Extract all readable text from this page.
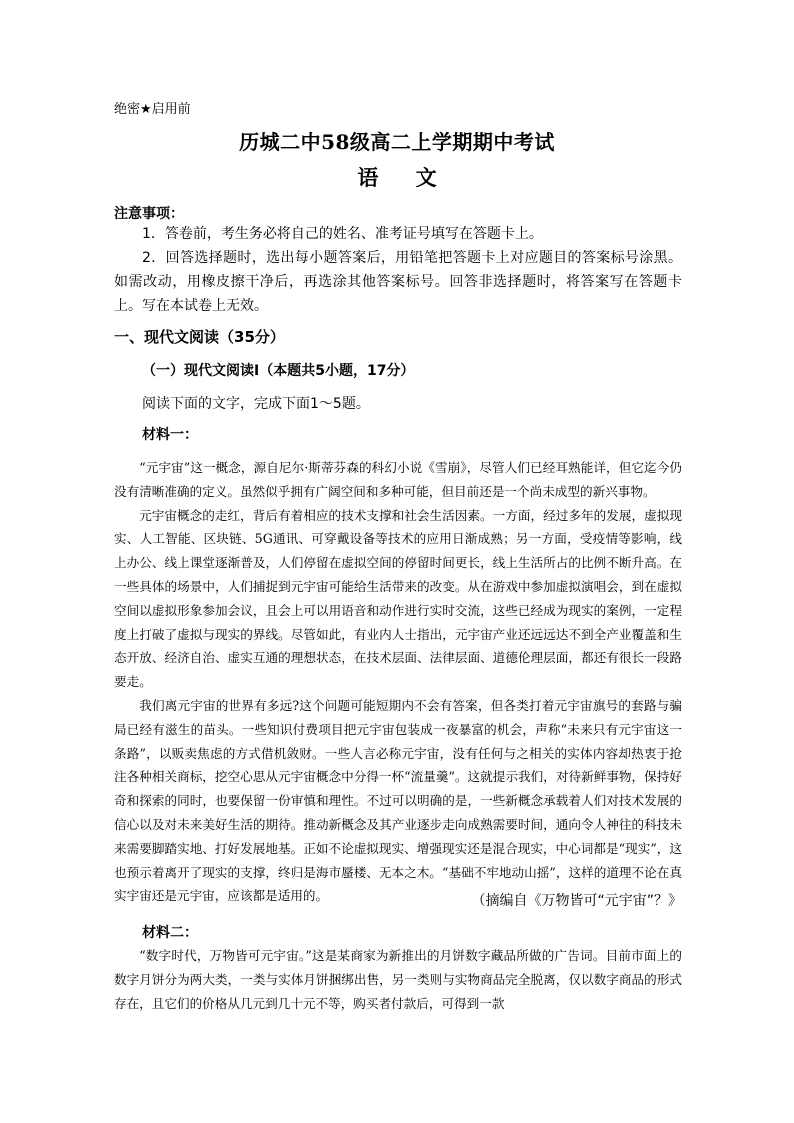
绝密★启用前
历城二中58级高二上学期期中考试
语 文
注意事项：
1．答卷前，考生务必将自己的姓名、准考证号填写在答题卡上。
2．回答选择题时，选出每小题答案后，用铅笔把答题卡上对应题目的答案标号涂黑。如需改动，用橡皮擦干净后，再选涂其他答案标号。回答非选择题时，将答案写在答题卡上。写在本试卷上无效。
一、现代文阅读（35分）
（一）现代文阅读Ⅰ（本题共5小题，17分）
阅读下面的文字，完成下面1～5题。
材料一：

“元宇宙”这一概念，源自尼尔·斯蒂芬森的科幻小说《雪崩》，尽管人们已经耳熟能详，但它迄今仍没有清晰准确的定义。虽然似乎拥有广阔空间和多种可能，但目前还是一个尚未成型的新兴事物。

元宇宙概念的走红，背后有着相应的技术支撑和社会生活因素。一方面，经过多年的发展，虚拟现实、人工智能、区块链、5G通讯、可穿戴设备等技术的应用日渐成熟；另一方面，受疫情等影响，线上办公、线上课堂逐渐普及，人们停留在虚拟空间的停留时间更长，线上生活所占的比例不断升高。在一些具体的场景中，人们捕捉到元宇宙可能给生活带来的改变。从在游戏中参加虚拟演唱会，到在虚拟空间以虚拟形象参加会议，且会上可以用语音和动作进行实时交流，这些已经成为现实的案例，一定程度上打破了虚拟与现实的界线。尽管如此，有业内人士指出，元宇宙产业还远远达不到全产业覆盖和生态开放、经济自治、虚实互通的理想状态，在技术层面、法律层面、道德伦理层面，都还有很长一段路要走。

我们离元宇宙的世界有多远?这个问题可能短期内不会有答案，但各类打着元宇宙旗号的套路与骗局已经有滋生的苗头。一些知识付费项目把元宇宙包装成一夜暴富的机会，声称“未来只有元宇宙这一条路”，以贩卖焦虑的方式借机敛财。一些人言必称元宇宙，没有任何与之相关的实体内容却热衷于抢注各种相关商标，挖空心思从元宇宙概念中分得一杯“流量羹”。这就提示我们，对待新鲜事物，保持好奇和探索的同时，也要保留一份审慎和理性。不过可以明确的是，一些新概念承载着人们对技术发展的信心以及对未来美好生活的期待。推动新概念及其产业逐步走向成熟需要时间，通向令人神往的科技未来需要脚踏实地、打好发展地基。正如不论虚拟现实、增强现实还是混合现实，中心词都是“现实”，这也预示着离开了现实的支撑，终归是海市蜃楼、无本之木。“基础不牢地动山摇”，这样的道理不论在真实宇宙还是元宇宙，应该都是适用的。	（摘编自《万物皆可“元宇宙”？》
材料二：

“数字时代，万物皆可元宇宙。”这是某商家为新推出的月饼数字藏品所做的广告词。目前市面上的数字月饼分为两大类，一类与实体月饼捆绑出售，另一类则与实物商品完全脱离，仅以数字商品的形式存在，且它们的价格从几元到几十元不等，购买者付款后，可得到一款
